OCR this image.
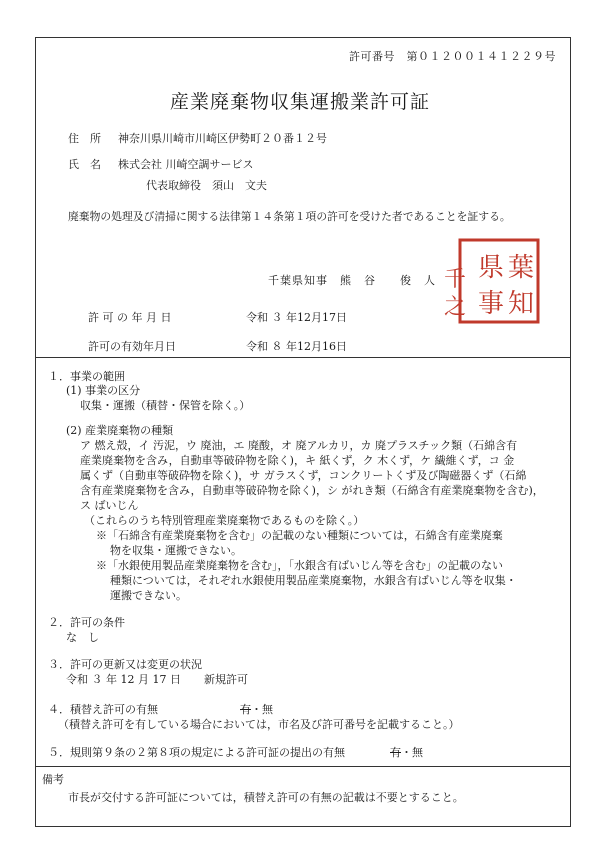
許可番号　第０１２００１４１２２９号
産業廃棄物収集運搬業許可証
住　所 神奈川県川崎市川崎区伊勢町２０番１２号
氏　名 株式会社 川崎空調サービス
代表取締役　須山　文夫
廃棄物の処理及び清掃に関する法律第１４条第１項の許可を受けた者であることを証する。
千葉県知事　熊　谷　　俊　人 県
事
葉
知
千
之
許 可 の 年 月 日	令和 ３ 年12月17日
許可の有効年月日	令和 ８ 年12月16日
１．事業の範囲
(1) 事業の区分
収集・運搬（積替・保管を除く。）
(2) 産業廃棄物の種類
ア 燃え殻，イ 汚泥，ウ 廃油，エ 廃酸，オ 廃アルカリ，カ 廃プラスチック類（石綿含有
産業廃棄物を含み，自動車等破砕物を除く)，キ 紙くず，ク 木くず，ケ 繊維くず，コ 金
属くず（自動車等破砕物を除く)，サ ガラスくず，コンクリートくず及び陶磁器くず（石綿
含有産業廃棄物を含み，自動車等破砕物を除く)，シ がれき類（石綿含有産業廃棄物を含む)，
ス ばいじん
（これらのうち特別管理産業廃棄物であるものを除く。）
※「石綿含有産業廃棄物を含む」の記載のない種類については，石綿含有産業廃棄
物を収集・運搬できない。
※「水銀使用製品産業廃棄物を含む」，「水銀含有ばいじん等を含む」の記載のない
種類については，それぞれ水銀使用製品産業廃棄物，水銀含有ばいじん等を収集・
運搬できない。
２．許可の条件
な　し
３．許可の更新又は変更の状況
令和 ３ 年 12 月 17 日 新規許可
４．積替え許可の有無	有・無
（積替え許可を有している場合においては，市名及び許可番号を記載すること。）
５．規則第９条の２第８項の規定による許可証の提出の有無	有・無
備考
市長が交付する許可証については，積替え許可の有無の記載は不要とすること。
